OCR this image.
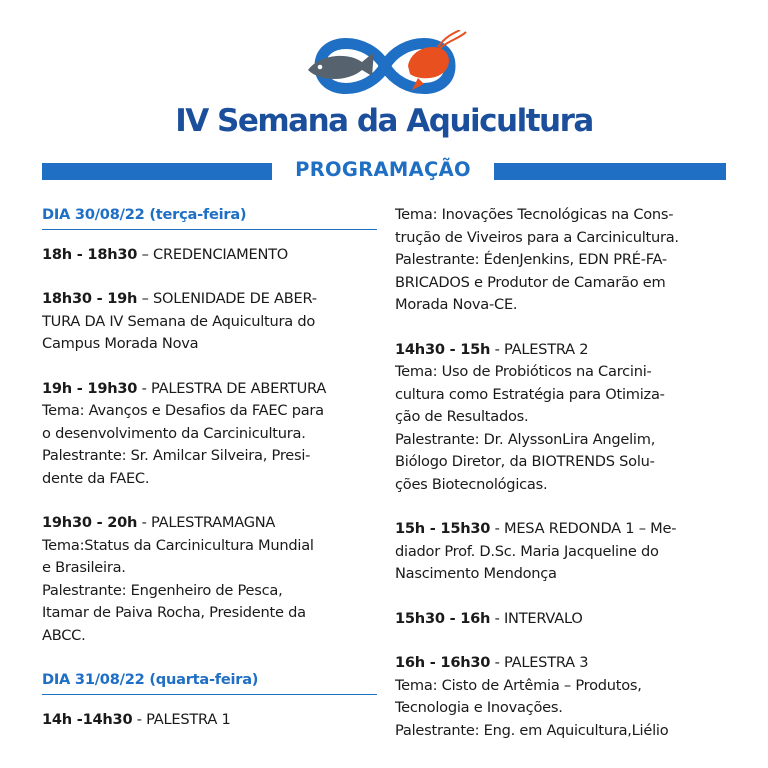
IV Semana da Aquicultura
PROGRAMAÇÃO
DIA 30/08/22 (terça-feira)
18h - 18h30 – CREDENCIAMENTO
18h30 - 19h – SOLENIDADE DE ABER-
TURA DA IV Semana de Aquicultura do
Campus Morada Nova
19h - 19h30 - PALESTRA DE ABERTURA
Tema: Avanços e Desafios da FAEC para
o desenvolvimento da Carcinicultura.
Palestrante: Sr. Amilcar Silveira, Presi-
dente da FAEC.
19h30 - 20h - PALESTRAMAGNA
Tema:Status da Carcinicultura Mundial
e Brasileira.
Palestrante: Engenheiro de Pesca,
Itamar de Paiva Rocha, Presidente da
ABCC.
DIA 31/08/22 (quarta-feira)
14h -14h30 - PALESTRA 1
Tema: Inovações Tecnológicas na Cons-
trução de Viveiros para a Carcinicultura.
Palestrante: ÉdenJenkins, EDN PRÉ-FA-
BRICADOS e Produtor de Camarão em
Morada Nova-CE.
14h30 - 15h - PALESTRA 2
Tema: Uso de Probióticos na Carcini-
cultura como Estratégia para Otimiza-
ção de Resultados.
Palestrante: Dr. AlyssonLira Angelim,
Biólogo Diretor, da BIOTRENDS Solu-
ções Biotecnológicas.
15h - 15h30 - MESA REDONDA 1 – Me-
diador Prof. D.Sc. Maria Jacqueline do
Nascimento Mendonça
15h30 - 16h - INTERVALO
16h - 16h30 - PALESTRA 3
Tema: Cisto de Artêmia – Produtos,
Tecnologia e Inovações.
Palestrante: Eng. em Aquicultura,Liélio
